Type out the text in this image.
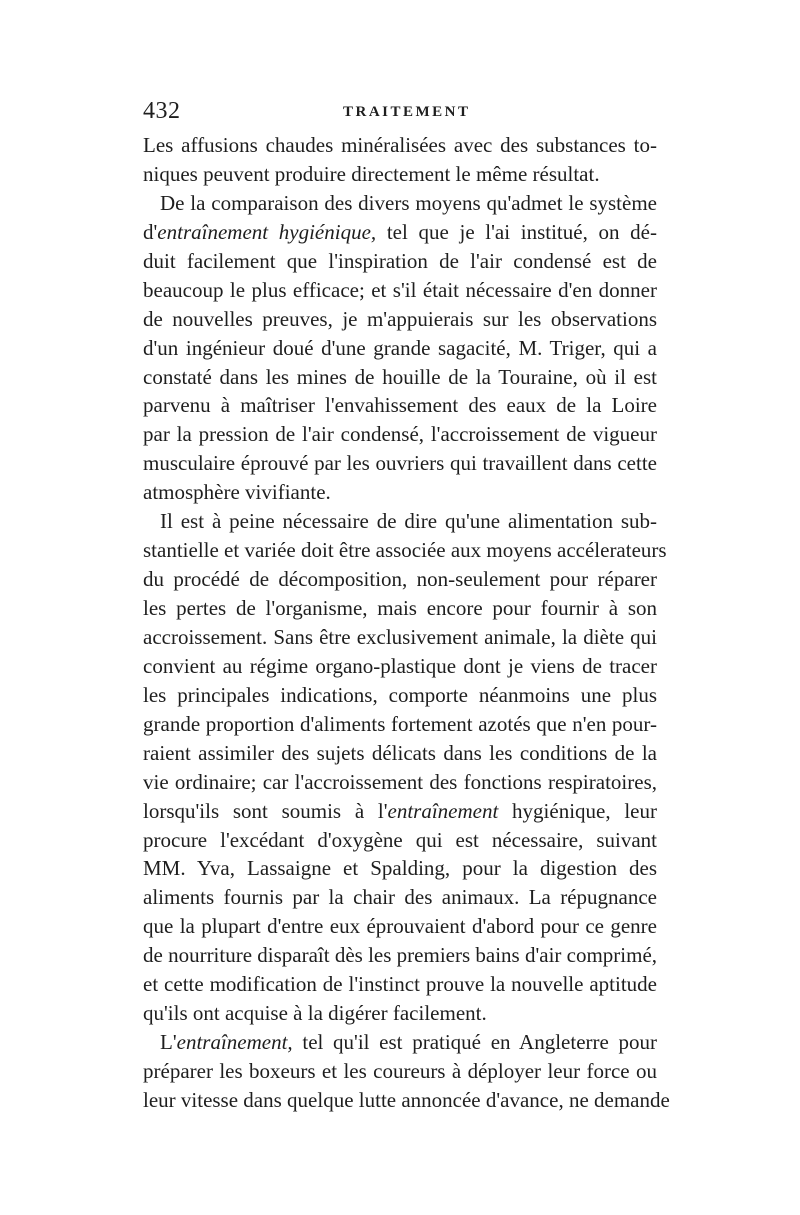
432	TRAITEMENT
Les affusions chaudes minéralisées avec des substances to-
niques peuvent produire directement le même résultat.
De la comparaison des divers moyens qu'admet le système
d'entraînement hygiénique, tel que je l'ai institué, on dé-
duit facilement que l'inspiration de l'air condensé est de
beaucoup le plus efficace; et s'il était nécessaire d'en donner
de nouvelles preuves, je m'appuierais sur les observations
d'un ingénieur doué d'une grande sagacité, M. Triger, qui a
constaté dans les mines de houille de la Touraine, où il est
parvenu à maîtriser l'envahissement des eaux de la Loire
par la pression de l'air condensé, l'accroissement de vigueur
musculaire éprouvé par les ouvriers qui travaillent dans cette
atmosphère vivifiante.
Il est à peine nécessaire de dire qu'une alimentation sub-
stantielle et variée doit être associée aux moyens accélerateurs
du procédé de décomposition, non-seulement pour réparer
les pertes de l'organisme, mais encore pour fournir à son
accroissement. Sans être exclusivement animale, la diète qui
convient au régime organo-plastique dont je viens de tracer
les principales indications, comporte néanmoins une plus
grande proportion d'aliments fortement azotés que n'en pour-
raient assimiler des sujets délicats dans les conditions de la
vie ordinaire; car l'accroissement des fonctions respiratoires,
lorsqu'ils sont soumis à l'entraînement hygiénique, leur
procure l'excédant d'oxygène qui est nécessaire, suivant
MM. Yva, Lassaigne et Spalding, pour la digestion des
aliments fournis par la chair des animaux. La répugnance
que la plupart d'entre eux éprouvaient d'abord pour ce genre
de nourriture disparaît dès les premiers bains d'air comprimé,
et cette modification de l'instinct prouve la nouvelle aptitude
qu'ils ont acquise à la digérer facilement.
L'entraînement, tel qu'il est pratiqué en Angleterre pour
préparer les boxeurs et les coureurs à déployer leur force ou
leur vitesse dans quelque lutte annoncée d'avance, ne demande
